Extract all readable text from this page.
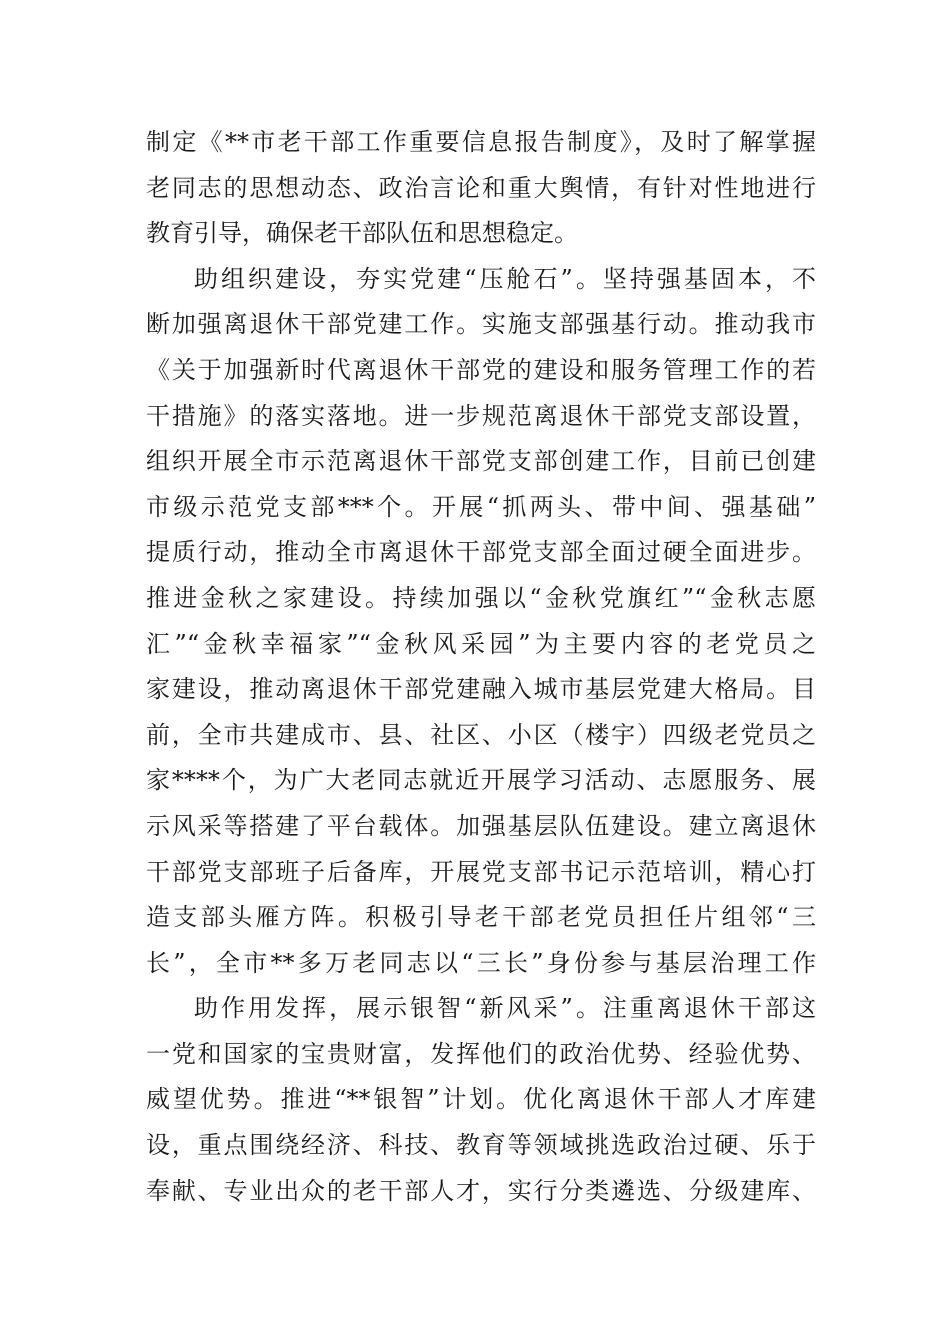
制定《**市老干部工作重要信息报告制度》，及时了解掌握
老同志的思想动态、政治言论和重大舆情，有针对性地进行
教育引导，确保老干部队伍和思想稳定。
助组织建设，夯实党建“压舱石”。坚持强基固本，不
断加强离退休干部党建工作。实施支部强基行动。推动我市
《关于加强新时代离退休干部党的建设和服务管理工作的若
干措施》的落实落地。进一步规范离退休干部党支部设置，
组织开展全市示范离退休干部党支部创建工作，目前已创建
市级示范党支部***个。开展“抓两头、带中间、强基础”
提质行动，推动全市离退休干部党支部全面过硬全面进步。
推进金秋之家建设。持续加强以“金秋党旗红”“金秋志愿
汇”“金秋幸福家”“金秋风采园”为主要内容的老党员之
家建设，推动离退休干部党建融入城市基层党建大格局。目
前，全市共建成市、县、社区、小区（楼宇）四级老党员之
家****个，为广大老同志就近开展学习活动、志愿服务、展
示风采等搭建了平台载体。加强基层队伍建设。建立离退休
干部党支部班子后备库，开展党支部书记示范培训，精心打
造支部头雁方阵。积极引导老干部老党员担任片组邻“三
长”，全市**多万老同志以“三长”身份参与基层治理工作
助作用发挥，展示银智“新风采”。注重离退休干部这
一党和国家的宝贵财富，发挥他们的政治优势、经验优势、
威望优势。推进“**银智”计划。优化离退休干部人才库建
设，重点围绕经济、科技、教育等领域挑选政治过硬、乐于
奉献、专业出众的老干部人才，实行分类遴选、分级建库、
